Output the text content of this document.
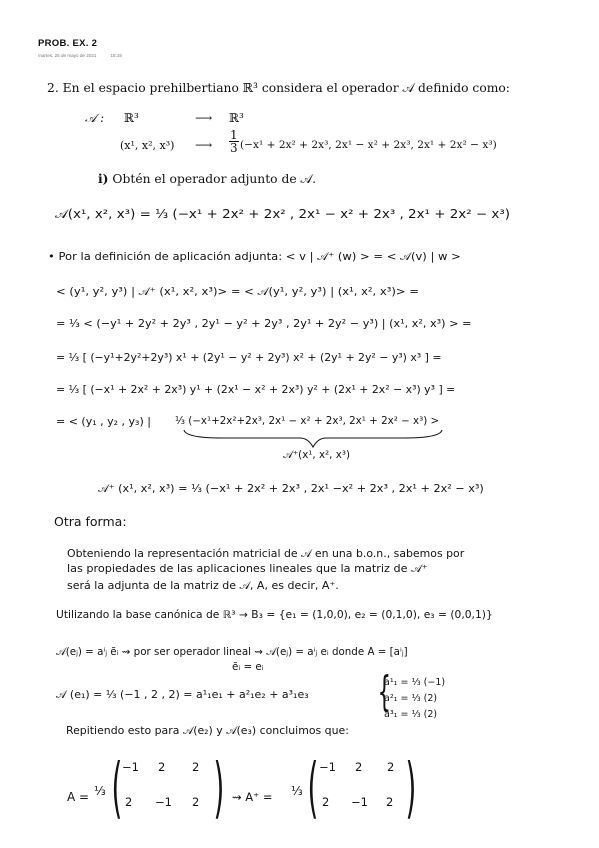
PROB. EX. 2
martes, 25 de mayo de 2021	15:15
2. En el espacio prehilbertiano ℝ³ considera el operador 𝒜 definido como:
𝒜 : ℝ³	⟶ ℝ³
(x¹, x², x³) ⟶ $\frac{1}{3} (-x^1 + 2x^2 + 2x^3$, 2x¹ − x² + 2x³, 2x¹ + 2x² − x³)
i) Obtén el operador adjunto de 𝒜.
𝒜(x¹, x², x³) = ⅓ (−x¹ + 2x² + 2x² , 2x¹ − x² + 2x³ , 2x¹ + 2x² − x³)
• Por la definición de aplicación adjunta: < v | 𝒜⁺ (w) > = < 𝒜(v) | w >
< (y¹, y², y³) | 𝒜⁺ (x¹, x², x³)> = < 𝒜(y¹, y², y³) | (x¹, x², x³)> =
= ⅓ < (−y¹ + 2y² + 2y³ , 2y¹ − y² + 2y³ , 2y¹ + 2y² − y³) | (x¹, x², x³) > =
= ⅓ [ (−y¹+2y²+2y³) x¹ + (2y¹ − y² + 2y³) x² + (2y¹ + 2y² − y³) x³ ] =
= ⅓ [ (−x¹ + 2x² + 2x³) y¹ + (2x¹ − x² + 2x³) y² + (2x¹ + 2x² − x³) y³ ] =
= < (y₁ , y₂ , y₃) | ⅓ (−x¹+2x²+2x³, 2x¹ − x² + 2x³, 2x¹ + 2x² − x³) >
𝒜⁺(x¹, x², x³)
𝒜⁺ (x¹, x², x³) = ⅓ (−x¹ + 2x² + 2x³ , 2x¹ −x² + 2x³ , 2x¹ + 2x² − x³)
Otra forma:
Obteniendo la representación matricial de 𝒜 en una b.o.n., sabemos por
las propiedades de las aplicaciones lineales que la matriz de 𝒜⁺
será la adjunta de la matriz de 𝒜, A, es decir, A⁺.
Utilizando la base canónica de ℝ³ → B₃ = {e₁ = (1,0,0), e₂ = (0,1,0), e₃ = (0,0,1)}
𝒜(eⱼ) = aⁱⱼ ẽᵢ ⇝ por ser operador lineal ⇝ 𝒜(eⱼ) = aⁱⱼ eᵢ donde A = [aⁱⱼ]
ẽᵢ = eᵢ
𝒜 (e₁) = ⅓ (−1 , 2 , 2) = a¹₁e₁ + a²₁e₂ + a³₁e₃ {
a¹₁ = ⅓ (−1)
a²₁ = ⅓ (2)
a³₁ = ⅓ (2)
Repitiendo esto para 𝒜(e₂) y 𝒜(e₃) concluimos que:
A = ⅓ ( −1 2 2
2 −1 2 ) ⇝ A⁺ = ⅓ ( −1 2 2
2 −1 2 )
